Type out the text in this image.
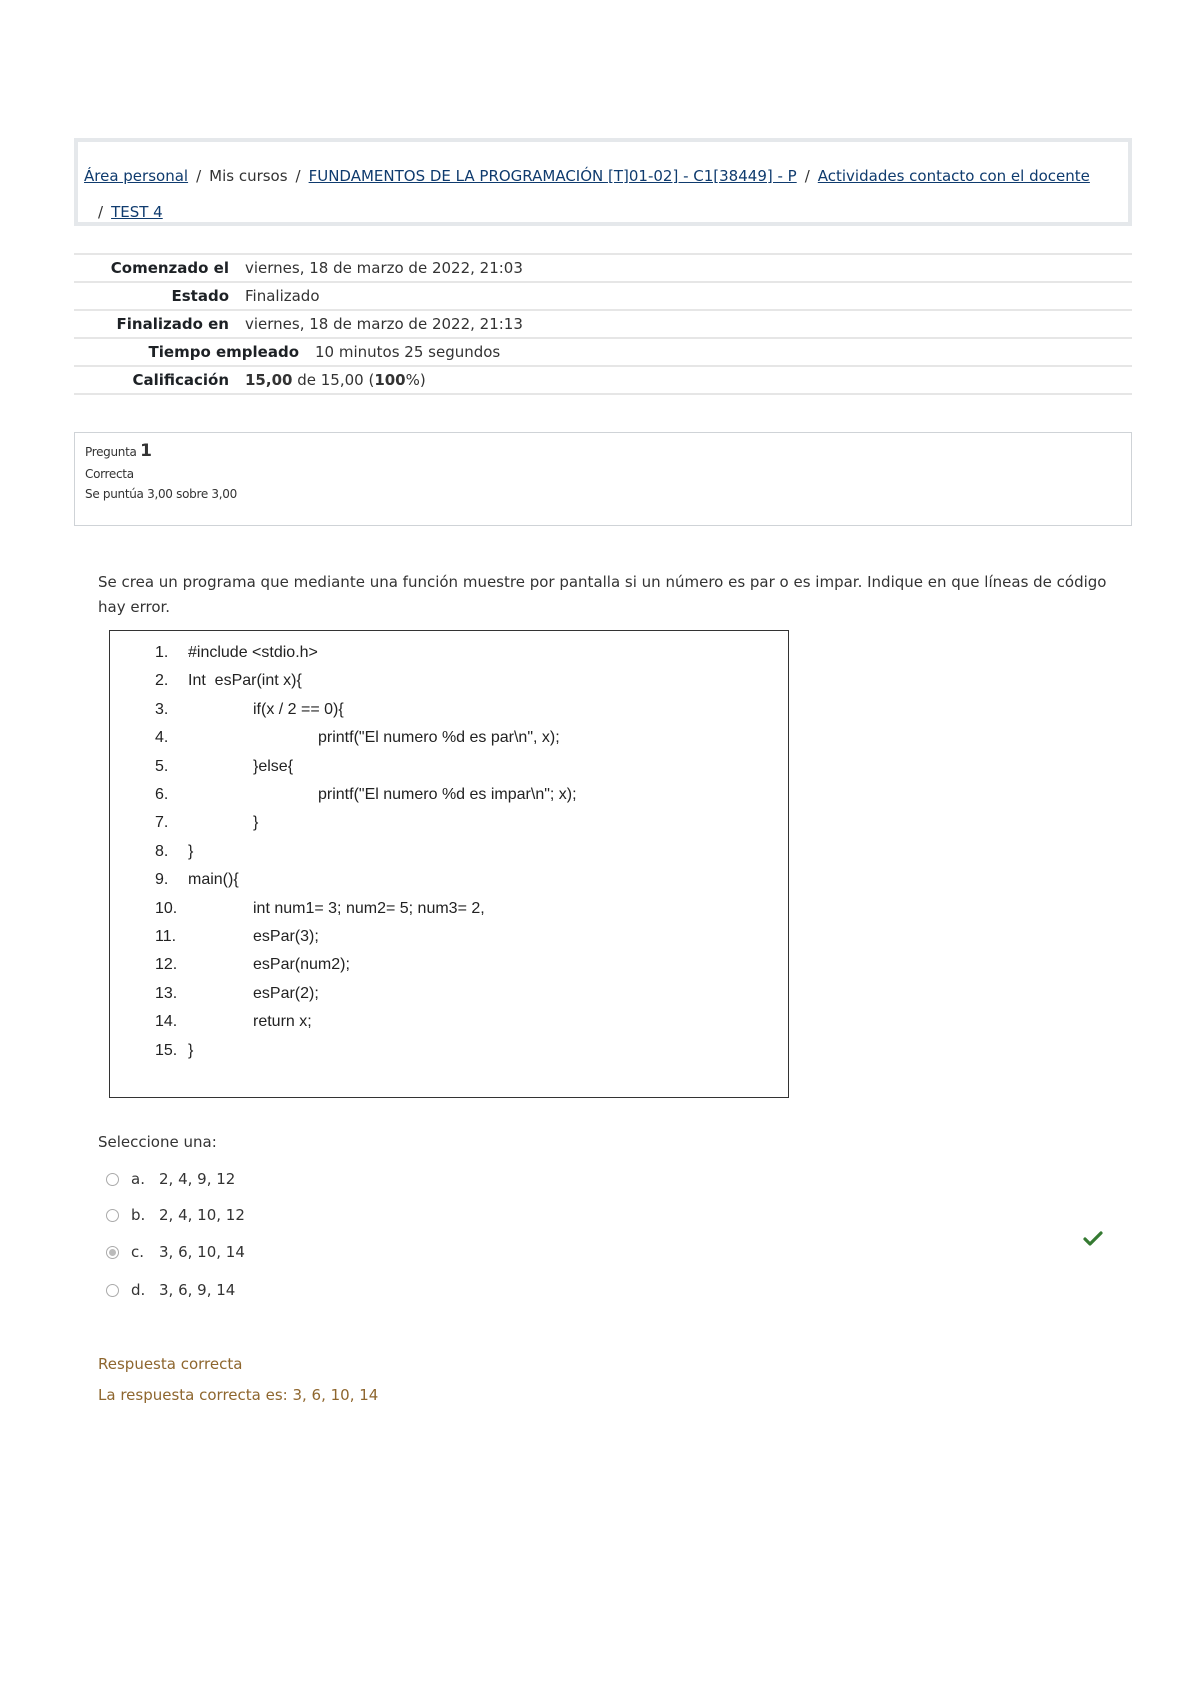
Área personal / Mis cursos / FUNDAMENTOS DE LA PROGRAMACIÓN [T]01-02] - C1[38449] - P / Actividades contacto con el docente
/ TEST 4
Comenzado el	viernes, 18 de marzo de 2022, 21:03
Estado	Finalizado
Finalizado en	viernes, 18 de marzo de 2022, 21:13
Tiempo empleado	10 minutos 25 segundos
Calificación	15,00 de 15,00 (100%)
Pregunta 1
Correcta
Se puntúa 3,00 sobre 3,00
Se crea un programa que mediante una función muestre por pantalla si un número es par o es impar. Indique en que líneas de código hay error.
1.	#include <stdio.h>
2.	Int  esPar(int x){
3.	if(x / 2 == 0){
4.	printf("El numero %d es par\n", x);
5.	}else{
6.	printf("El numero %d es impar\n"; x);
7.	}
8.	}
9.	main(){
10.	int num1= 3; num2= 5; num3= 2,
11.	esPar(3);
12.	esPar(num2);
13.	esPar(2);
14.	return x;
15. }
Seleccione una:
a. 2, 4, 9, 12
b. 2, 4, 10, 12
c. 3, 6, 10, 14
d. 3, 6, 9, 14
Respuesta correcta
La respuesta correcta es: 3, 6, 10, 14
